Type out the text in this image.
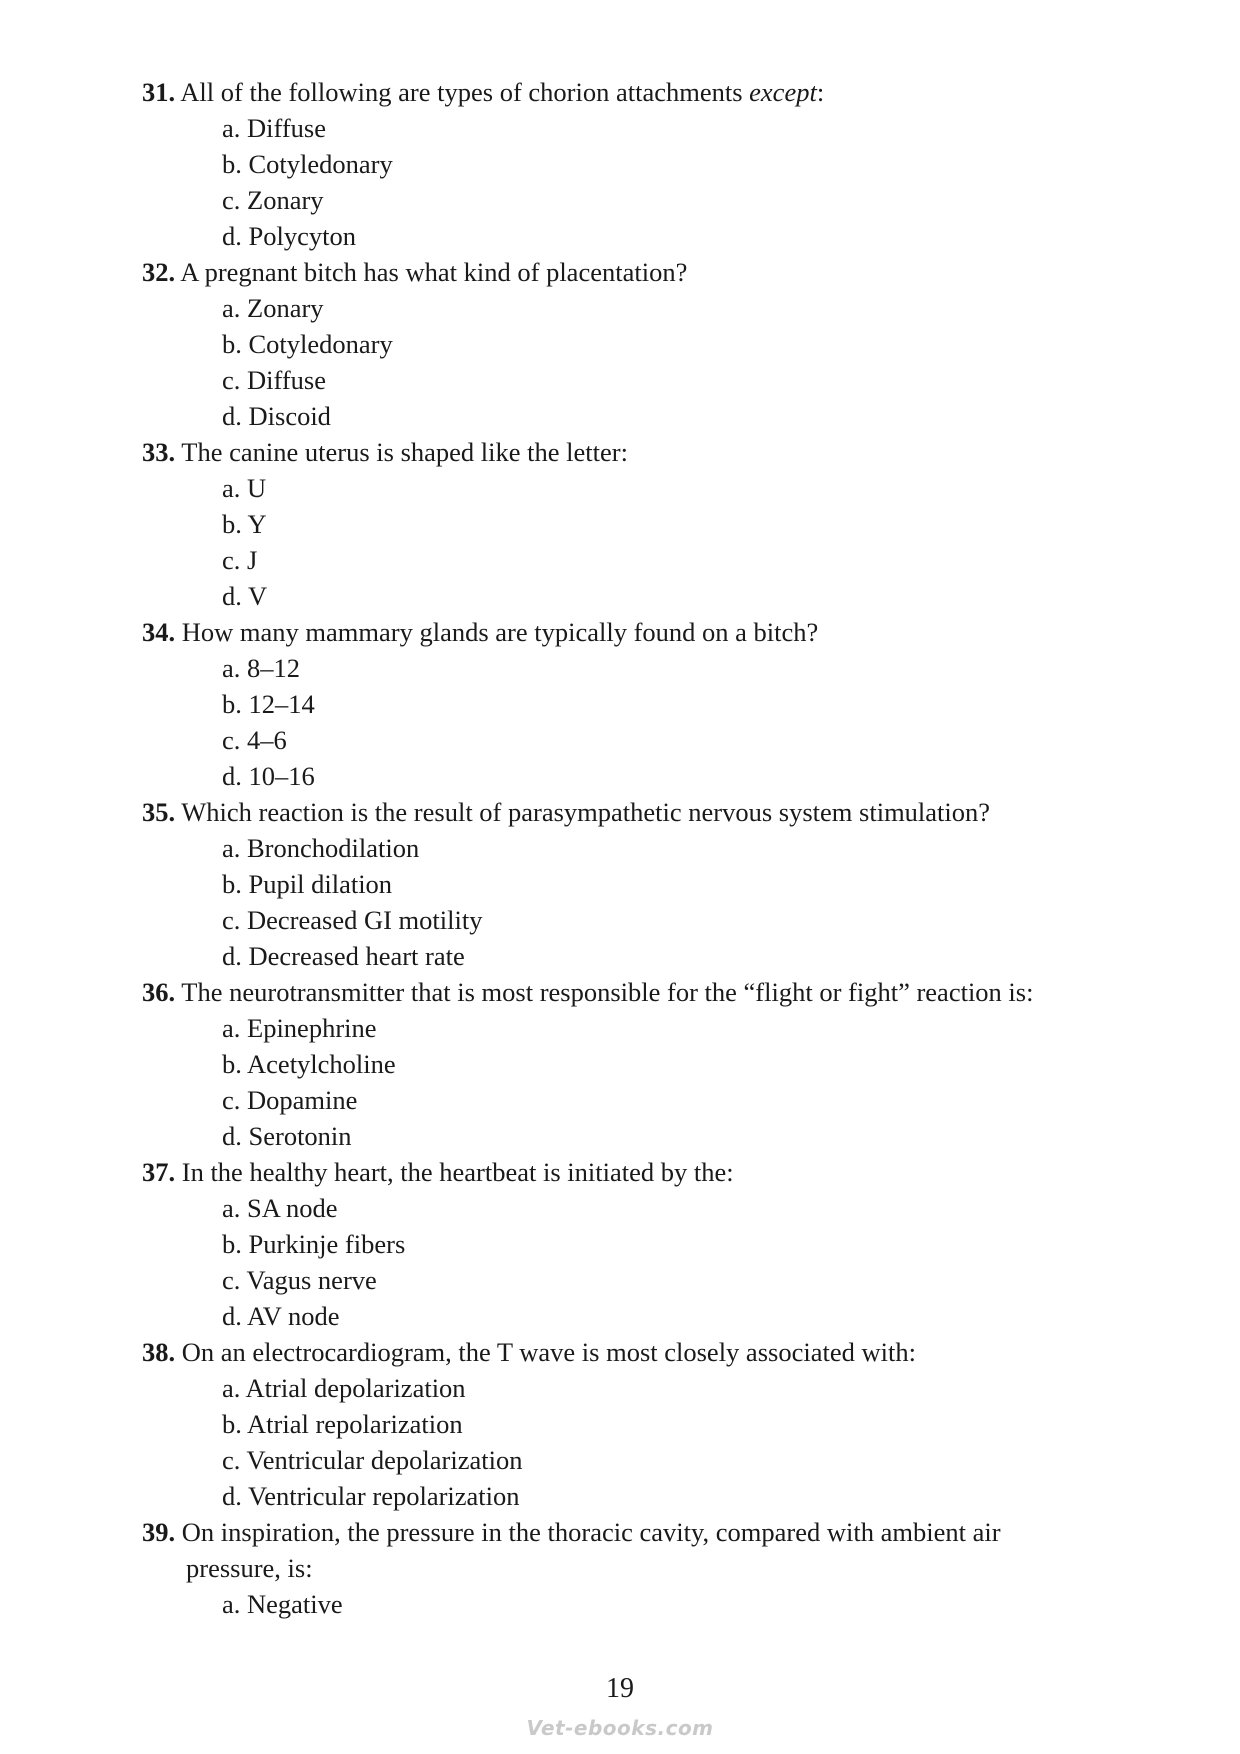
31. All of the following are types of chorion attachments except:
a. Diffuse
b. Cotyledonary
c. Zonary
d. Polycyton
32. A pregnant bitch has what kind of placentation?
a. Zonary
b. Cotyledonary
c. Diffuse
d. Discoid
33. The canine uterus is shaped like the letter:
a. U
b. Y
c. J
d. V
34. How many mammary glands are typically found on a bitch?
a. 8–12
b. 12–14
c. 4–6
d. 10–16
35. Which reaction is the result of parasympathetic nervous system stimulation?
a. Bronchodilation
b. Pupil dilation
c. Decreased GI motility
d. Decreased heart rate
36. The neurotransmitter that is most responsible for the “flight or fight” reaction is:
a. Epinephrine
b. Acetylcholine
c. Dopamine
d. Serotonin
37. In the healthy heart, the heartbeat is initiated by the:
a. SA node
b. Purkinje fibers
c. Vagus nerve
d. AV node
38. On an electrocardiogram, the T wave is most closely associated with:
a. Atrial depolarization
b. Atrial repolarization
c. Ventricular depolarization
d. Ventricular repolarization
39. On inspiration, the pressure in the thoracic cavity, compared with ambient air
pressure, is:
a. Negative
19
Vet-ebooks.com
